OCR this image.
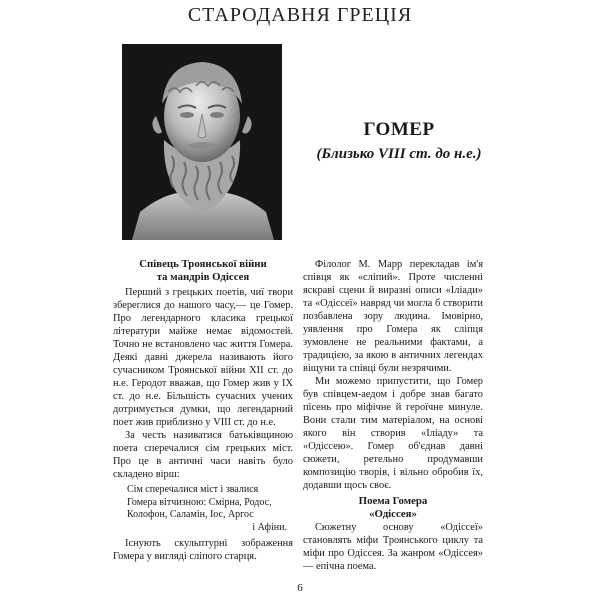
СТАРОДАВНЯ ГРЕЦІЯ
ГОМЕР
(Близько VIII ст. до н.е.)
Співець Троянської війни
та мандрів Одіссея

Перший з грецьких поетів, чиї твори збереглися до нашого часу,— це Гомер. Про легендарного класика грецької літератури майже немає відомостей. Точно не встановлено час життя Гомера. Деякі давні джерела називають його сучасником Троянської війни XII ст. до н.е. Геродот вважав, що Гомер жив у IX ст. до н.е. Більшість сучасних учених дотримується думки, що легендарний поет жив приблизно у VIII ст. до н.е.

За честь називатися батьківщиною поета сперечалися сім грецьких міст. Про це в античні часи навіть було складено вірш:

Сім сперечалися міст і звалися
Гомера вітчизною: Смірна, Родос,
Колофон, Саламін, Іос, Аргос
і Афіни.

Існують скульптурні зображення Гомера у вигляді сліпого старця.

Філолог М. Марр перекладав ім'я співця як «сліпий». Проте численні яскраві сцени й виразні описи «Іліади» та «Одіссеї» навряд чи могла б створити позбавлена зору людина. Імовірно, уявлення про Гомера як сліпця зумовлене не реальними фактами, а традицією, за якою в античних легендах віщуни та співці були незрячими.

Ми можемо припустити, що Гомер був співцем-аедом і добре знав багато пісень про міфічне й героїчне минуле. Вони стали тим матеріалом, на основі якого він створив «Іліаду» та «Одіссею». Гомер об'єднав давні сюжети, ретельно продумавши композицію творів, і вільно обробив їх, додавши щось своє.

Поема Гомера
«Одіссея»

Сюжетну основу «Одіссеї» становлять міфи Троянського циклу та міфи про Одіссея. За жанром «Одіссея» — епічна поема.

6
